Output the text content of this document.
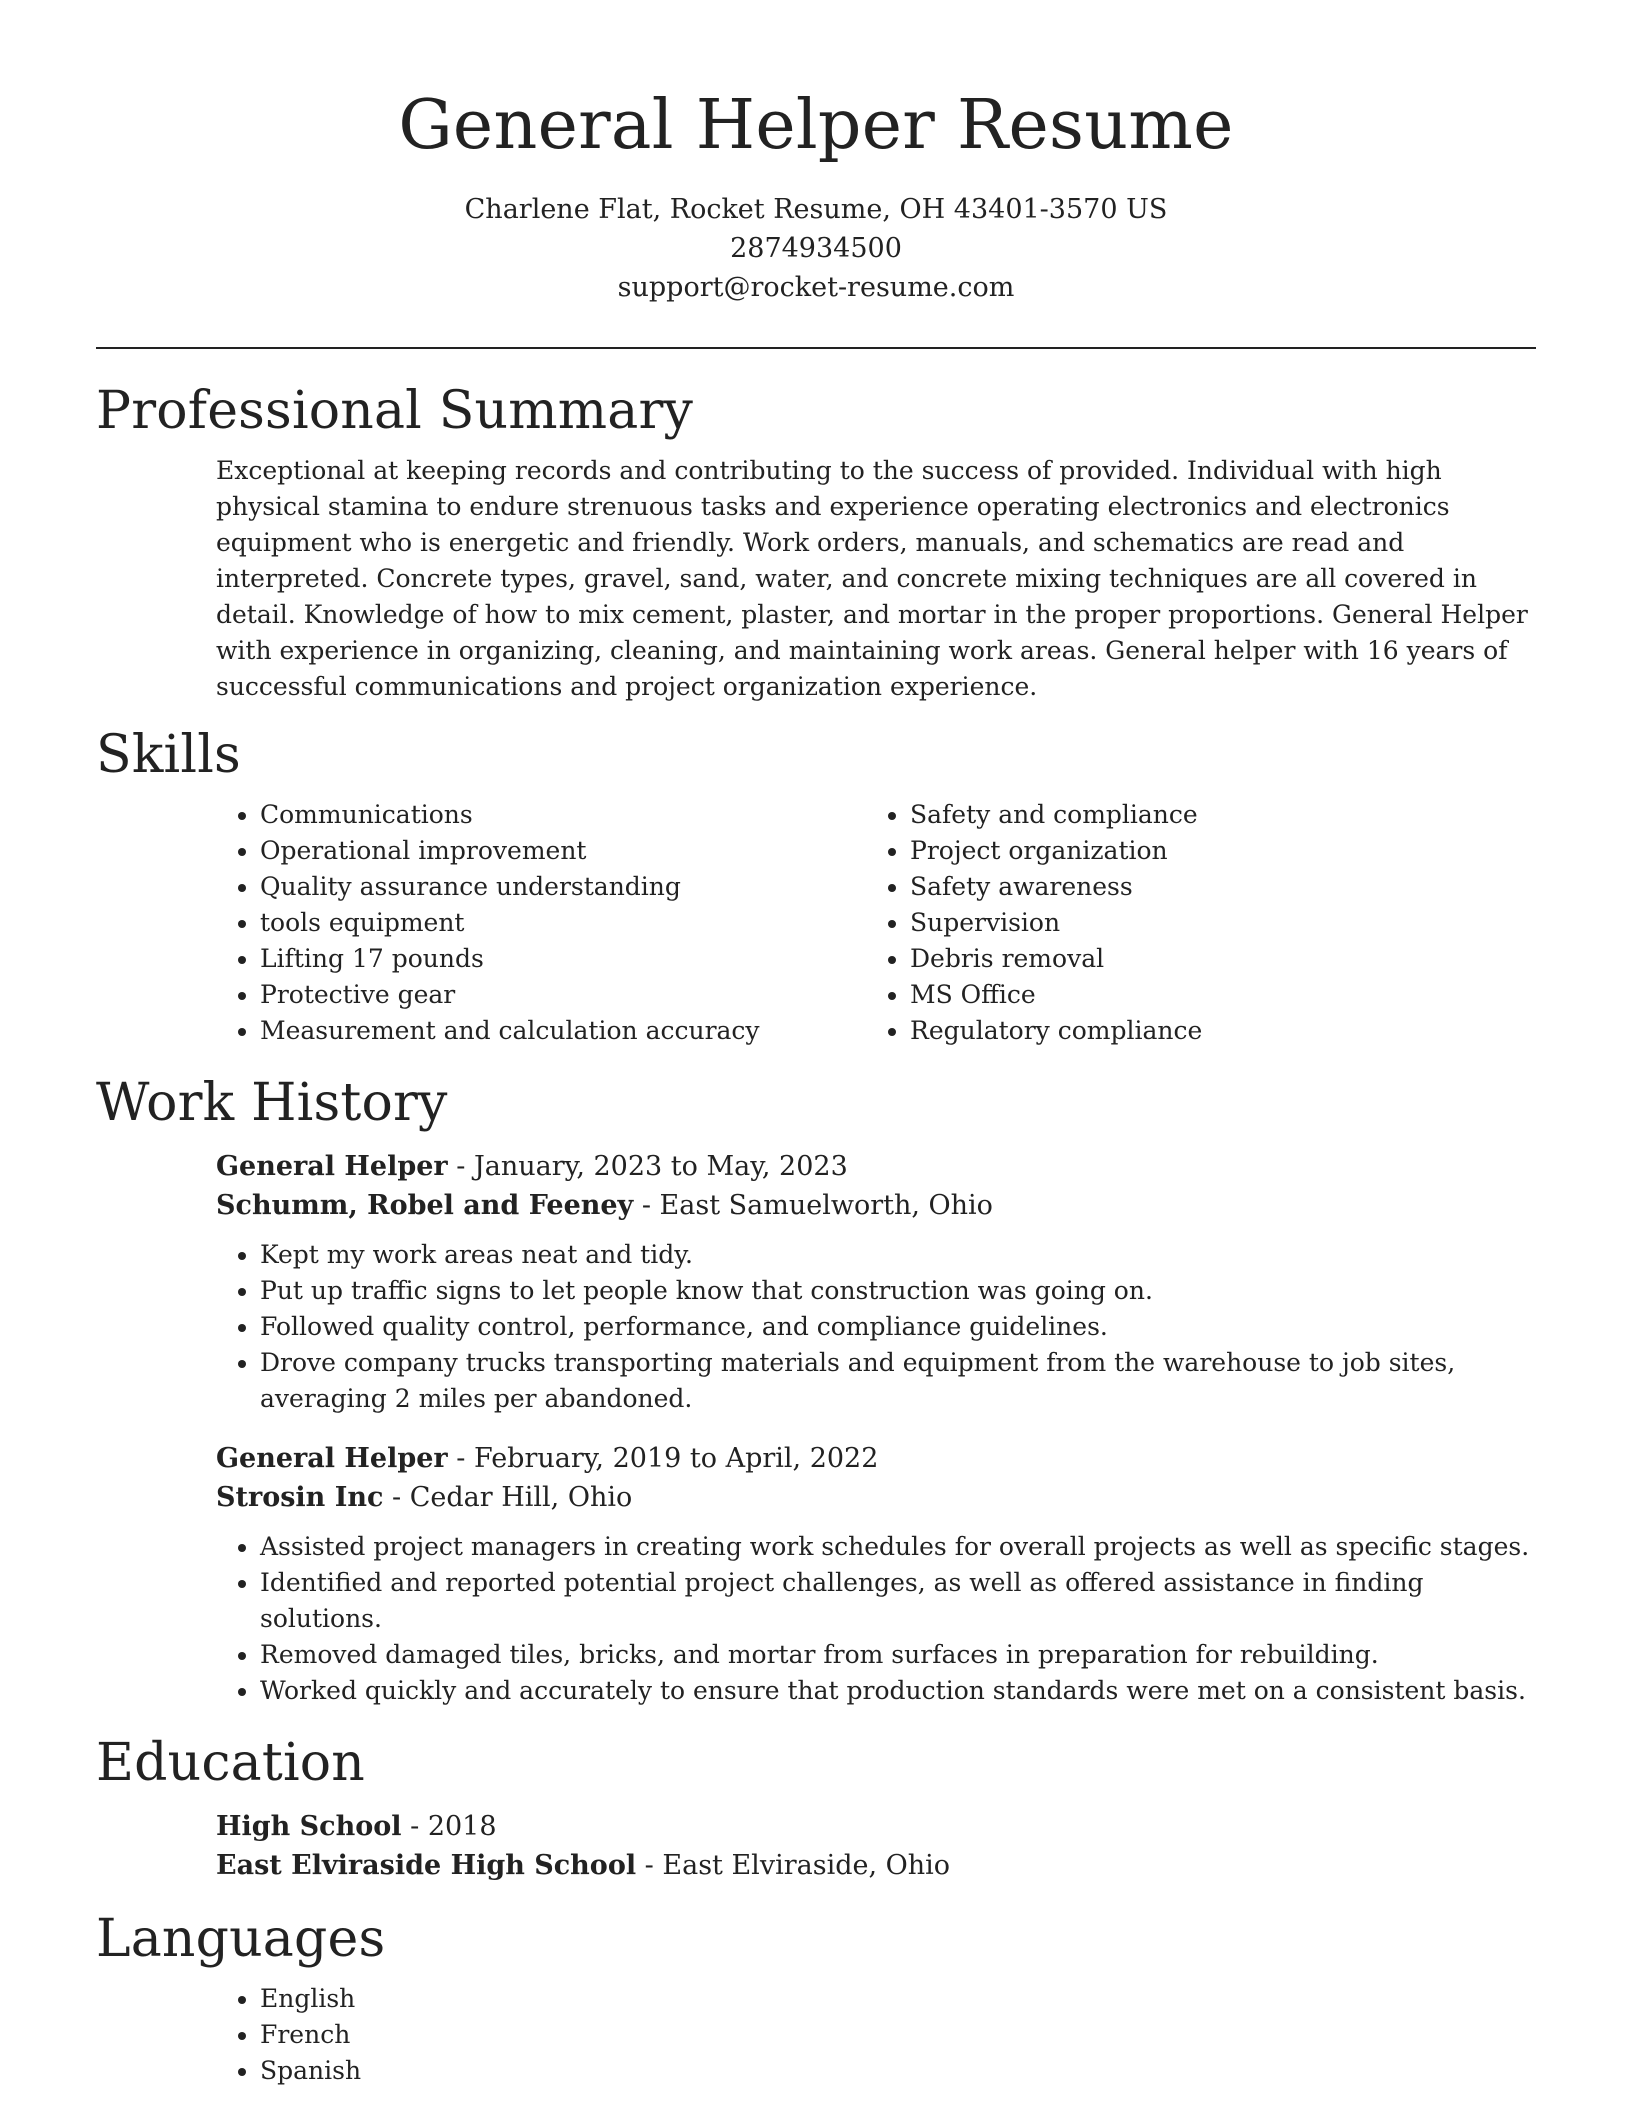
General Helper Resume
Charlene Flat, Rocket Resume, OH 43401-3570 US
2874934500
support@rocket-resume.com
Professional Summary

Exceptional at keeping records and contributing to the success of provided. Individual with high physical stamina to endure strenuous tasks and experience operating electronics and electronics equipment who is energetic and friendly. Work orders, manuals, and schematics are read and interpreted. Concrete types, gravel, sand, water, and concrete mixing techniques are all covered in detail. Knowledge of how to mix cement, plaster, and mortar in the proper proportions. General Helper with experience in organizing, cleaning, and maintaining work areas. General helper with 16 years of successful communications and project organization experience.

Skills
• Communications
• Operational improvement
• Quality assurance understanding
• tools equipment
• Lifting 17 pounds
• Protective gear
• Measurement and calculation accuracy
• Safety and compliance
• Project organization
• Safety awareness
• Supervision
• Debris removal
• MS Office
• Regulatory compliance
Work History
General Helper - January, 2023 to May, 2023
Schumm, Robel and Feeney - East Samuelworth, Ohio
• Kept my work areas neat and tidy.
• Put up traffic signs to let people know that construction was going on.
• Followed quality control, performance, and compliance guidelines.
• Drove company trucks transporting materials and equipment from the warehouse to job sites, averaging 2 miles per abandoned.
General Helper - February, 2019 to April, 2022
Strosin Inc - Cedar Hill, Ohio
• Assisted project managers in creating work schedules for overall projects as well as specific stages.
• Identified and reported potential project challenges, as well as offered assistance in finding solutions.
• Removed damaged tiles, bricks, and mortar from surfaces in preparation for rebuilding.
• Worked quickly and accurately to ensure that production standards were met on a consistent basis.
Education
High School - 2018
East Elviraside High School - East Elviraside, Ohio
Languages
• English
• French
• Spanish
